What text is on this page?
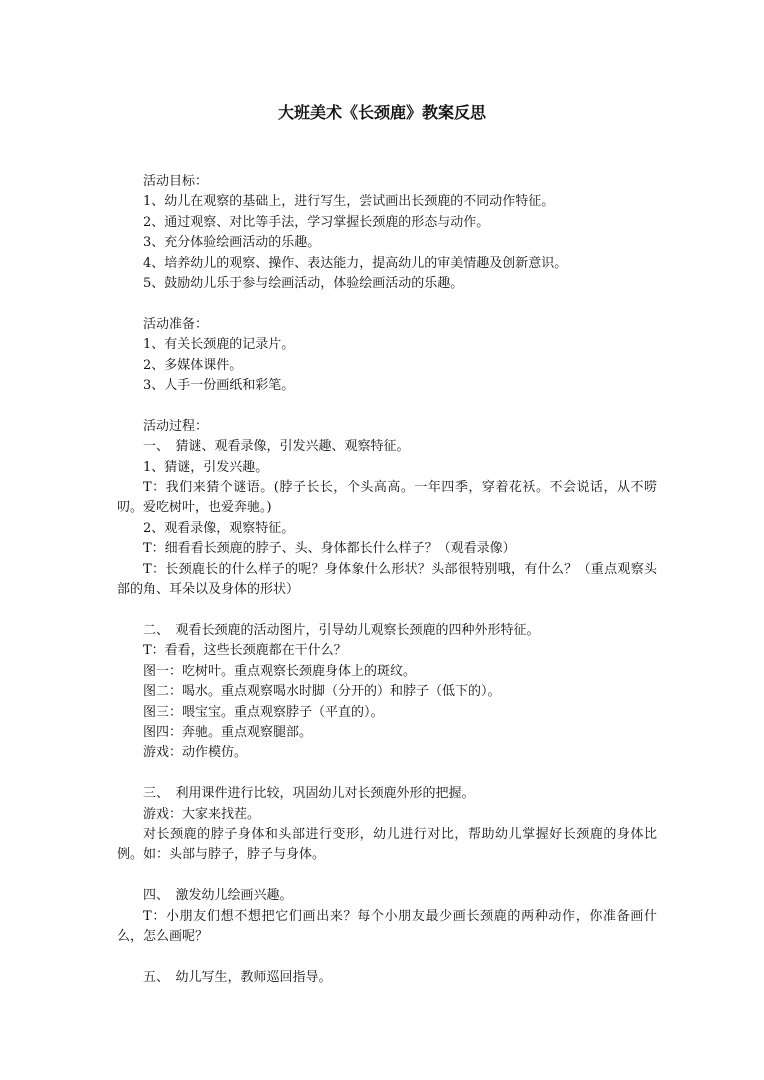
大班美术《长颈鹿》教案反思

活动目标：

1、幼儿在观察的基础上，进行写生，尝试画出长颈鹿的不同动作特征。

2、通过观察、对比等手法，学习掌握长颈鹿的形态与动作。

3、充分体验绘画活动的乐趣。

4、培养幼儿的观察、操作、表达能力，提高幼儿的审美情趣及创新意识。

5、鼓励幼儿乐于参与绘画活动，体验绘画活动的乐趣。

活动准备：

1、有关长颈鹿的记录片。

2、多媒体课件。

3、人手一份画纸和彩笔。

活动过程：

一、　猜谜、观看录像，引发兴趣、观察特征。

1、猜谜，引发兴趣。

T：我们来猜个谜语。(脖子长长，个头高高。一年四季，穿着花袄。不会说话，从不唠叨。爱吃树叶，也爱奔驰。)

2、观看录像，观察特征。

T：细看看长颈鹿的脖子、头、身体都长什么样子？（观看录像）

T：长颈鹿长的什么样子的呢？身体象什么形状？头部很特别哦，有什么？（重点观察头部的角、耳朵以及身体的形状）

二、　观看长颈鹿的活动图片，引导幼儿观察长颈鹿的四种外形特征。

T：看看，这些长颈鹿都在干什么？

图一：吃树叶。重点观察长颈鹿身体上的斑纹。

图二：喝水。重点观察喝水时脚（分开的）和脖子（低下的）。

图三：喂宝宝。重点观察脖子（平直的）。

图四：奔驰。重点观察腿部。

游戏：动作模仿。

三、　利用课件进行比较，巩固幼儿对长颈鹿外形的把握。

游戏：大家来找茬。

对长颈鹿的脖子身体和头部进行变形，幼儿进行对比，帮助幼儿掌握好长颈鹿的身体比例。如：头部与脖子，脖子与身体。

四、　激发幼儿绘画兴趣。

T：小朋友们想不想把它们画出来？每个小朋友最少画长颈鹿的两种动作，你准备画什么，怎么画呢？

五、　幼儿写生，教师巡回指导。
